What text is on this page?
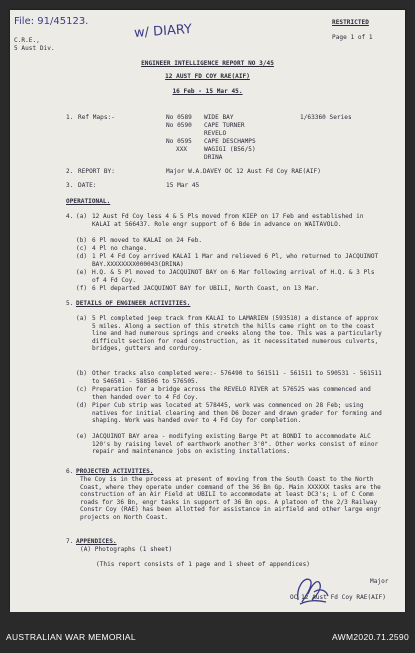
File: 91/45123.
w/ DIARY
C.R.E.,
5 Aust Div.
RESTRICTED
Page 1 of 1
ENGINEER INTELLIGENCE REPORT NO 3/45
12 AUST FD COY RAE(AIF)
16 Feb - 15 Mar 45.
1. Ref Maps:-	No 0589 WIDE BAY	1/63360 Series
No 0590 CAPE TURNER
REVELO
No 0595 CAPE DESCHAMPS
XXX	WAGIGI (B56/5)
DRINA
2. REPORT BY:	Major W.A.DAVEY OC 12 Aust Fd Coy RAE(AIF)
3. DATE:	15 Mar 45
OPERATIONAL.
4. (a) 12 Aust Fd Coy less 4 & 5 Pls moved from KIEP on 17 Feb and established in KALAI at 566437. Role engr support of 6 Bde in advance on WAITAVOLO.
(b) 6 Pl moved to KALAI on 24 Feb.
(c) 4 Pl no change.
(d) 1 Pl 4 Fd Coy arrived KALAI 1 Mar and relieved 6 Pl, who returned to JACQUINOT BAY.XXXXXXXX000043(DRINA)
(e) H.Q. & 5 Pl moved to JACQUINOT BAY on 6 Mar following arrival of H.Q. & 3 Pls of 4 Fd Coy.
(f) 6 Pl departed JACQUINOT BAY for UBILI, North Coast, on 13 Mar.
5. DETAILS OF ENGINEER ACTIVITIES.
(a) 5 Pl completed jeep track from KALAI to LAMARIEN (593510) a distance of approx 5 miles. Along a section of this stretch the hills came right on to the coast line and had numerous springs and creeks along the toe. This was a particularly difficult section for road construction, as it necessitated numerous culverts, bridges, gutters and corduroy.
(b) Other tracks also completed were:- 576490 to 561511 - 561511 to 590531 - 561511 to 546501 - 588506 to 576505.
(c) Preparation for a bridge across the REVELO RIVER at 576525 was commenced and then handed over to 4 Fd Coy.
(d) Piper Cub strip was located at 578445, work was commenced on 28 Feb; using natives for initial clearing and then D6 Dozer and drawn grader for forming and shaping. Work was handed over to 4 Fd Coy for completion.
(e) JACQUINOT BAY area - modifying existing Barge Pt at BONDI to accommodate ALC 120's by raising level of earthwork another 3'0". Other works consist of minor repair and maintenance jobs on existing installations.
6. PROJECTED ACTIVITIES.
The Coy is in the process at present of moving from the South Coast to the North Coast, where they operate under command of the 36 Bn Gp. Main XXXXXX tasks are the construction of an Air Field at UBILI to accommodate at least DC3's; L of C Comm roads for 36 Bn, engr tasks in support of 36 Bn ops. A platoon of the 2/3 Railway Constr Coy (RAE) has been allotted for assistance in airfield and other large engr projects on North Coast.
7. APPENDICES.
(A) Photographs (1 sheet)
(This report consists of 1 page and 1 sheet of appendices)
Major
OC 12 Aust Fd Coy RAE(AIF)
AUSTRALIAN WAR MEMORIAL	AWM2020.71.2590
